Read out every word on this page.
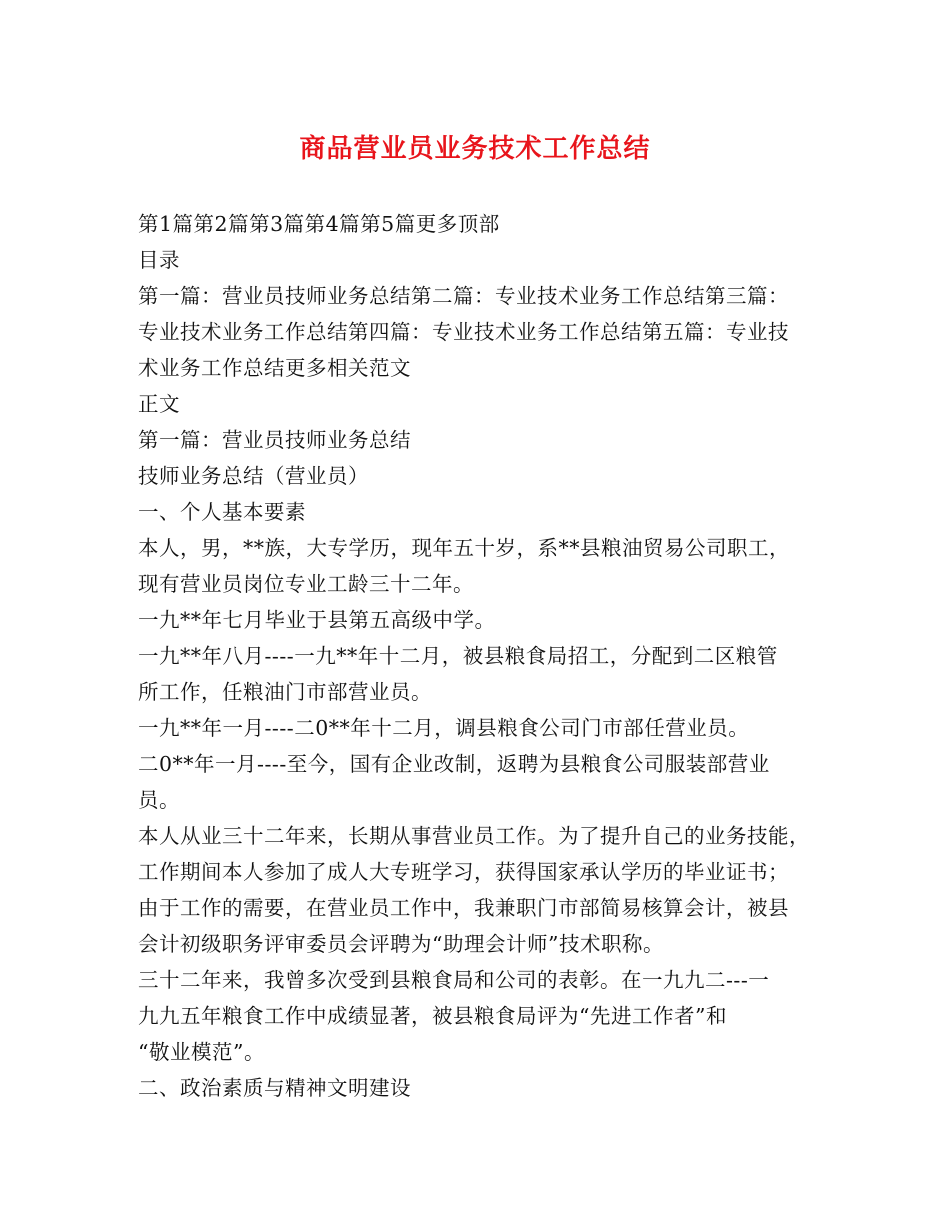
商品营业员业务技术工作总结

第1篇第2篇第3篇第4篇第5篇更多顶部

目录

第一篇：营业员技师业务总结第二篇：专业技术业务工作总结第三篇：

专业技术业务工作总结第四篇：专业技术业务工作总结第五篇：专业技

术业务工作总结更多相关范文

正文

第一篇：营业员技师业务总结

技师业务总结（营业员）

一、个人基本要素

本人，男，**族，大专学历，现年五十岁，系**县粮油贸易公司职工，

现有营业员岗位专业工龄三十二年。

一九**年七月毕业于县第五高级中学。

一九**年八月----一九**年十二月，被县粮食局招工，分配到二区粮管

所工作，任粮油门市部营业员。

一九**年一月----二0**年十二月，调县粮食公司门市部任营业员。

二0**年一月----至今，国有企业改制，返聘为县粮食公司服装部营业

员。

本人从业三十二年来，长期从事营业员工作。为了提升自己的业务技能，

工作期间本人参加了成人大专班学习，获得国家承认学历的毕业证书；

由于工作的需要，在营业员工作中，我兼职门市部简易核算会计，被县

会计初级职务评审委员会评聘为“助理会计师”技术职称。

三十二年来，我曾多次受到县粮食局和公司的表彰。在一九九二---一

九九五年粮食工作中成绩显著，被县粮食局评为“先进工作者”和

“敬业模范”。

二、政治素质与精神文明建设
